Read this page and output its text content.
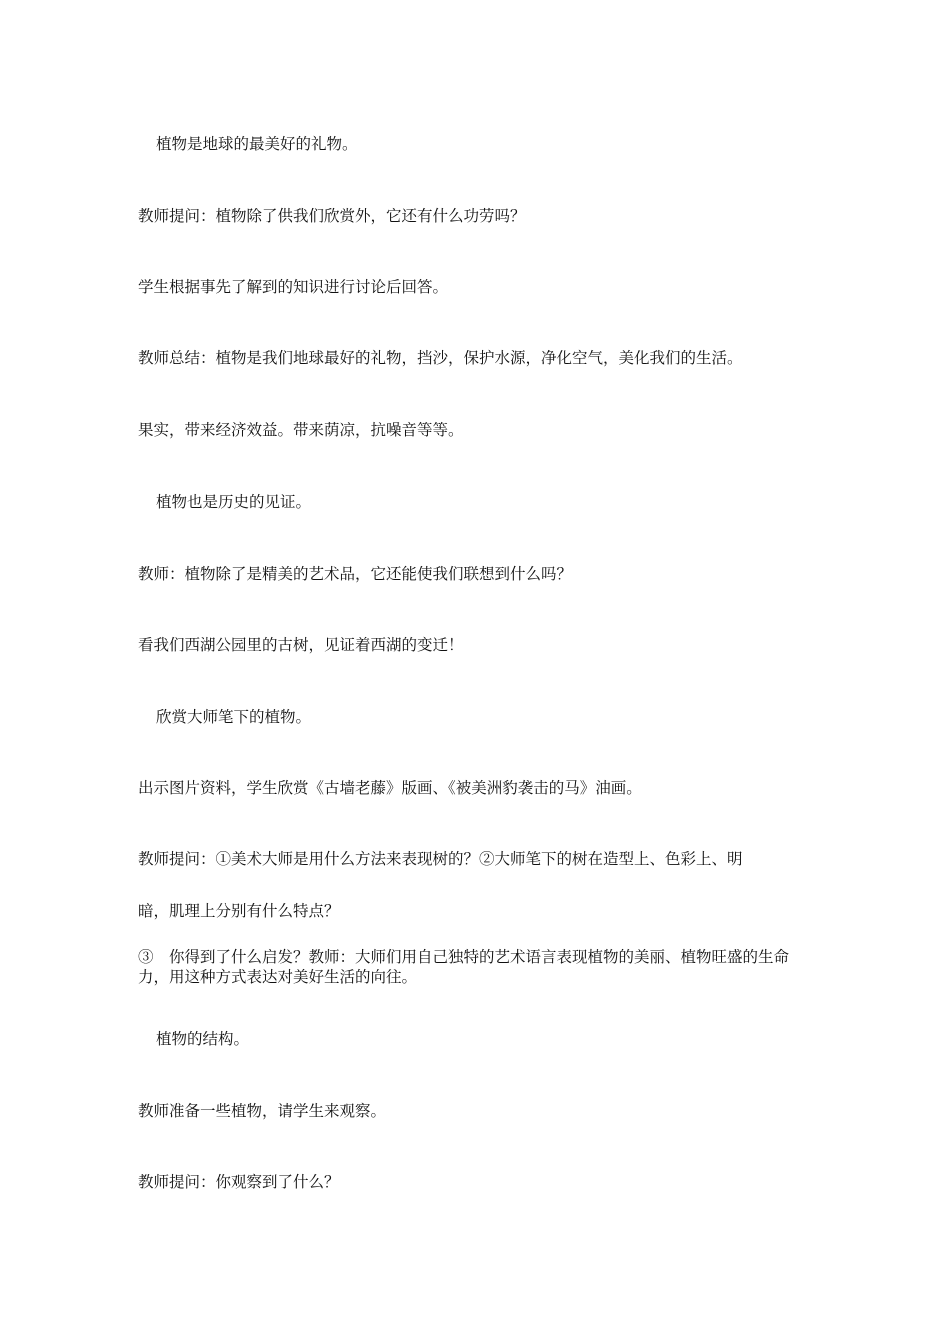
植物是地球的最美好的礼物。
教师提问：植物除了供我们欣赏外，它还有什么功劳吗？
学生根据事先了解到的知识进行讨论后回答。
教师总结：植物是我们地球最好的礼物，挡沙，保护水源，净化空气，美化我们的生活。
果实，带来经济效益。带来荫凉，抗噪音等等。
植物也是历史的见证。
教师：植物除了是精美的艺术品，它还能使我们联想到什么吗？
看我们西湖公园里的古树，见证着西湖的变迁！
欣赏大师笔下的植物。
出示图片资料，学生欣赏《古墙老藤》版画、《被美洲豹袭击的马》油画。
教师提问：①美术大师是用什么方法来表现树的？②大师笔下的树在造型上、色彩上、明
暗，肌理上分别有什么特点？
③　你得到了什么启发？教师：大师们用自己独特的艺术语言表现植物的美丽、植物旺盛的生命力，用这种方式表达对美好生活的向往。
植物的结构。
教师准备一些植物，请学生来观察。
教师提问：你观察到了什么？
